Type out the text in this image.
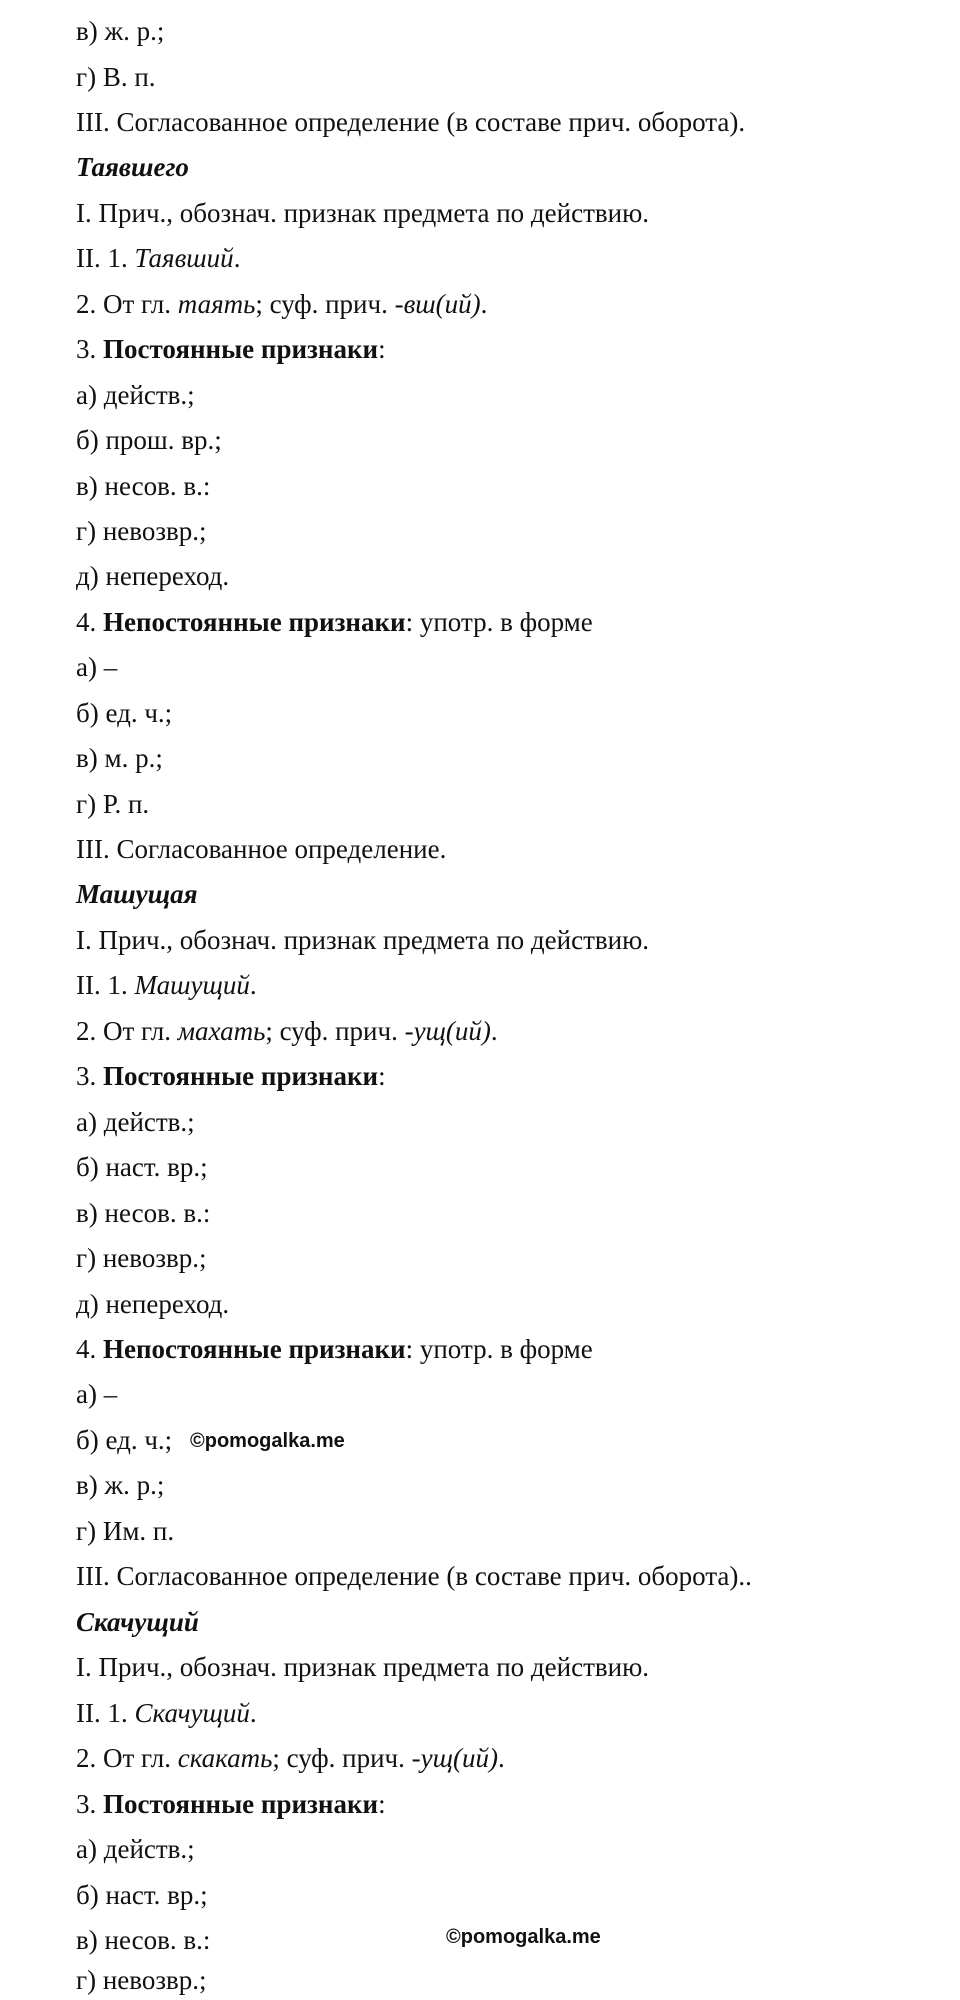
в) ж. р.;
г) В. п.
III. Согласованное определение (в составе прич. оборота).
Таявшего
I. Прич., обознач. признак предмета по действию.
II. 1. Таявший.
2. От гл. таять; суф. прич. -вш(ий).
3. Постоянные признаки:
а) действ.;
б) прош. вр.;
в) несов. в.:
г) невозвр.;
д) непереход.
4. Непостоянные признаки: употр. в форме
а) –
б) ед. ч.;
в) м. р.;
г) Р. п.
III. Согласованное определение.
Машущая
I. Прич., обознач. признак предмета по действию.
II. 1. Машущий.
2. От гл. махать; суф. прич. -ущ(ий).
3. Постоянные признаки:
а) действ.;
б) наст. вр.;
в) несов. в.:
г) невозвр.;
д) непереход.
4. Непостоянные признаки: употр. в форме
а) –
б) ед. ч.;
в) ж. р.;
г) Им. п.
III. Согласованное определение (в составе прич. оборота)..
Скачущий
I. Прич., обознач. признак предмета по действию.
II. 1. Скачущий.
2. От гл. скакать; суф. прич. -ущ(ий).
3. Постоянные признаки:
а) действ.;
б) наст. вр.;
в) несов. в.:
г) невозвр.;
©pomogalka.me
©pomogalka.me
